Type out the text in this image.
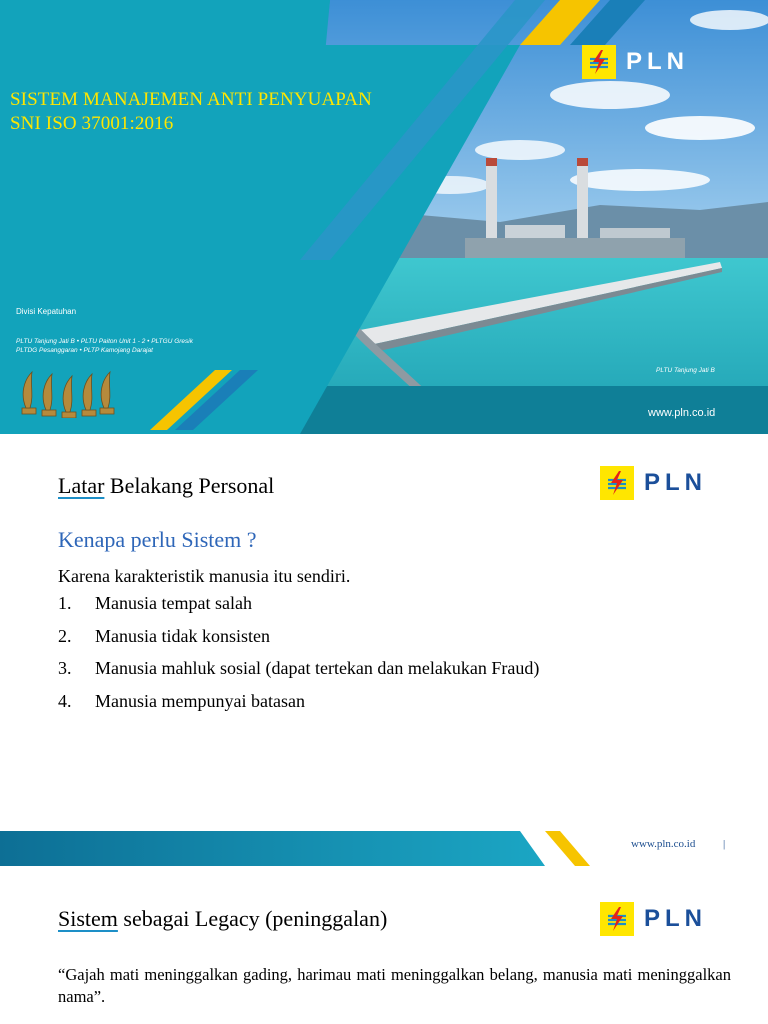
SISTEM MANAJEMEN ANTI PENYUAPAN
SNI ISO 37001:2016
PLN
Divisi Kepatuhan
PLTU Tanjung Jati B • PLTU Paiton Unit 1 - 2 • PLTGU Gresik
PLTDG Pesanggaran • PLTP Kamojang Darajat
PLTU Tanjung Jati B
www.pln.co.id
Latar Belakang Personal	PLN
Kenapa perlu Sistem ?
Karena karakteristik manusia itu sendiri.
1.	Manusia tempat salah
2.	Manusia tidak konsisten
3.	Manusia mahluk sosial (dapat tertekan dan melakukan Fraud)
4.	Manusia mempunyai batasan
www.pln.co.id	|
Sistem sebagai Legacy (peninggalan)	PLN
“Gajah mati meninggalkan gading, harimau mati meninggalkan belang, manusia mati meninggalkan nama”.
